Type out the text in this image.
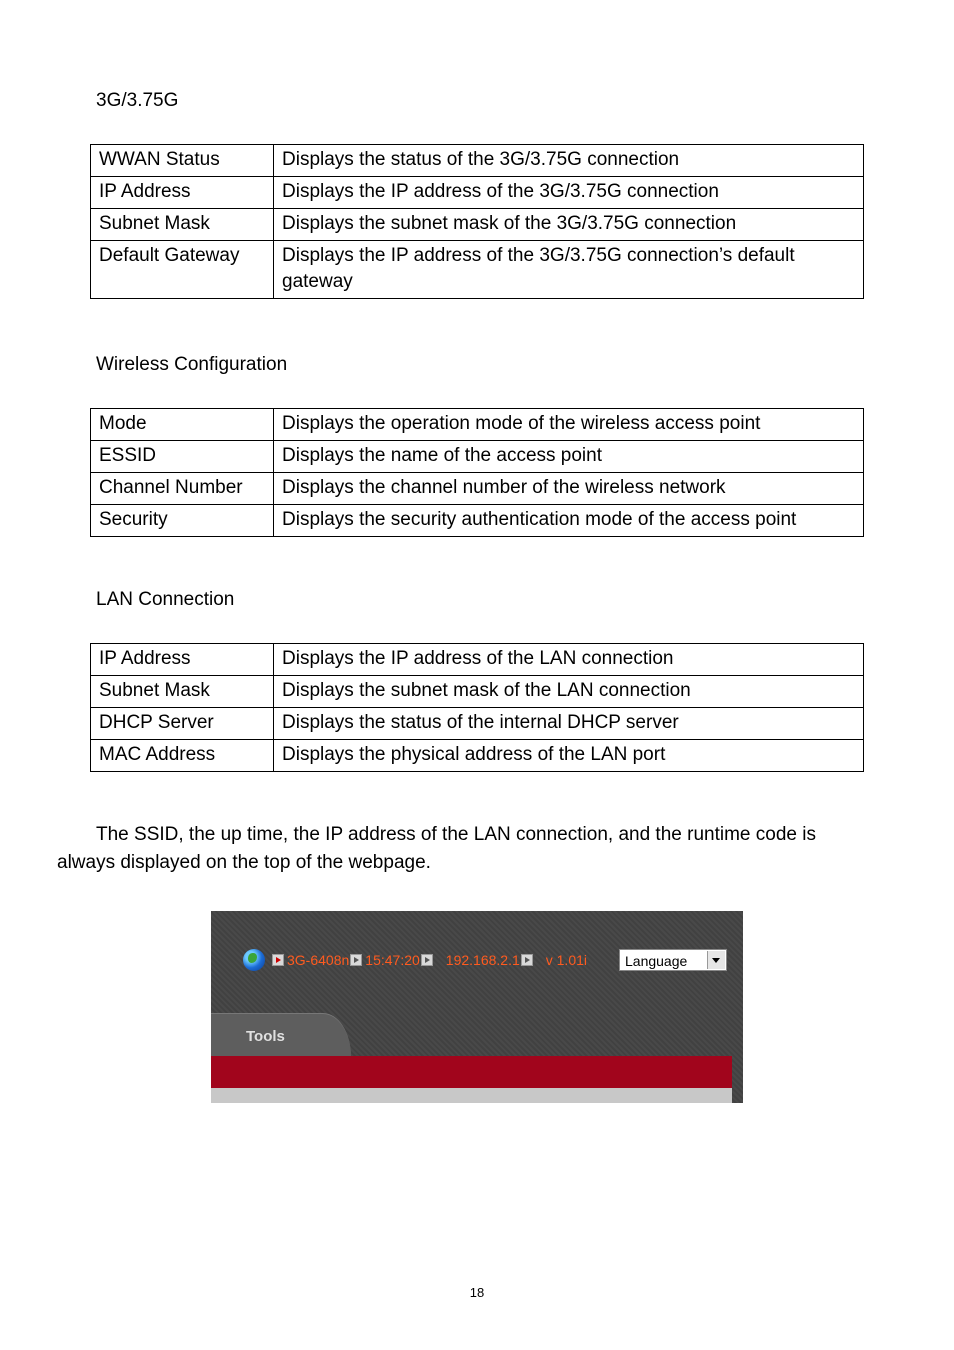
3G/3.75G
WWAN Status	Displays the status of the 3G/3.75G connection
IP Address	Displays the IP address of the 3G/3.75G connection
Subnet Mask	Displays the subnet mask of the 3G/3.75G connection
Default Gateway	Displays the IP address of the 3G/3.75G connection’s default gateway
Wireless Configuration
Mode	Displays the operation mode of the wireless access point
ESSID	Displays the name of the access point
Channel Number	Displays the channel number of the wireless network
Security	Displays the security authentication mode of the access point
LAN Connection
IP Address	Displays the IP address of the LAN connection
Subnet Mask	Displays the subnet mask of the LAN connection
DHCP Server	Displays the status of the internal DHCP server
MAC Address	Displays the physical address of the LAN port
The SSID, the up time, the IP address of the LAN connection, and the runtime code is always displayed on the top of the webpage.
3G-6408n 15:47:20 192.168.2.1 v 1.01i	Language
Tools
18
